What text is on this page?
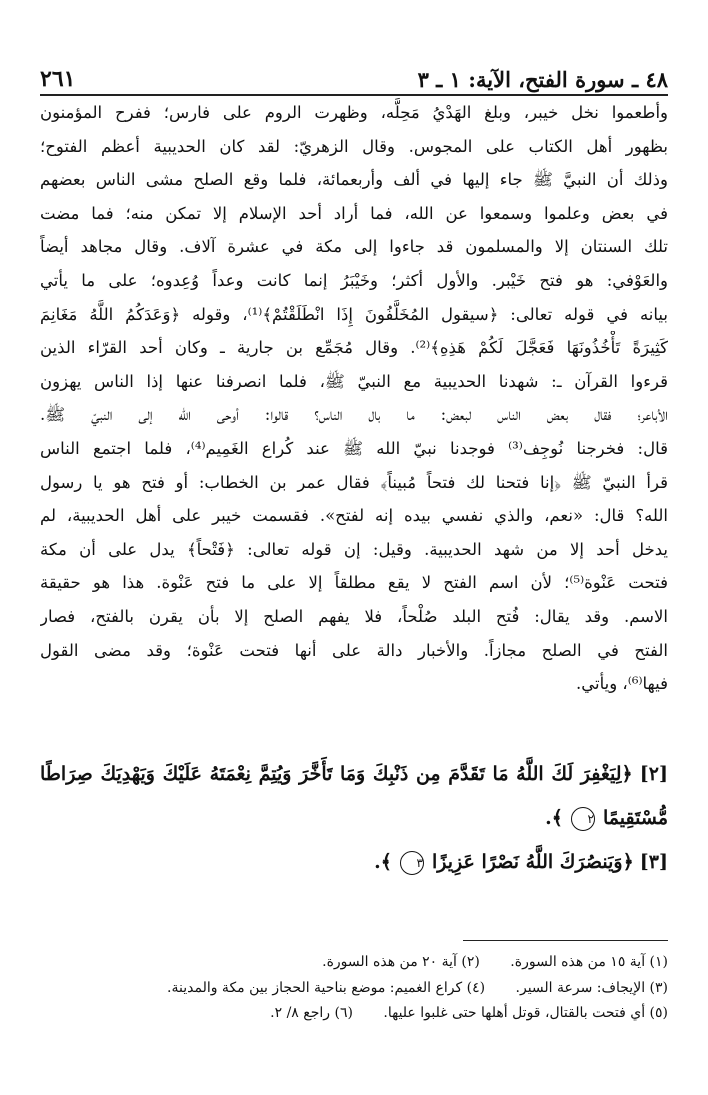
٤٨ ـ سورة الفتح، الآية: ١ ـ ٣
٢٦١
وأطعموا نخل خيبر، وبلغ الهَدْيُ مَحِلَّه، وظهرت الروم على فارس؛ ففرح المؤمنون
بظهور أهل الكتاب على المجوس. وقال الزهريّ: لقد كان الحديبية أعظم الفتوح؛
وذلك أن النبيَّ ﷺ جاء إليها في ألف وأربعمائة، فلما وقع الصلح مشى الناس بعضهم
في بعض وعلموا وسمعوا عن الله، فما أراد أحد الإسلام إلا تمكن منه؛ فما مضت
تلك السنتان إلا والمسلمون قد جاءوا إلى مكة في عشرة آلاف. وقال مجاهد أيضاً
والعَوْفي: هو فتح خَيْبر. والأول أكثر؛ وخَيْبَرُ إنما كانت وعداً وُعِدوه؛ على ما يأتي
بيانه في قوله تعالى: ﴿سيقول المُخَلَّفُونَ إِذَا انْطَلَقْتُمْ﴾⁽¹⁾، وقوله ﴿وَعَدَكُمُ اللَّهُ مَغَانِمَ
كَثِيرَةً تَأْخُذُونَهَا فَعَجَّلَ لَكُمْ هَذِهِ﴾⁽²⁾. وقال مُجَمِّع بن جارية ـ وكان أحد القرّاء الذين
قرءوا القرآن ـ: شهدنا الحديبية مع النبيّ ﷺ، فلما انصرفنا عنها إذا الناس يهزون
الأباعر؛ فقال بعض الناس لبعض: ما بال الناس؟ قالوا: أوحى الله إلى النبيّ ﷺ.
قال: فخرجنا نُوجِف⁽³⁾ فوجدنا نبيّ الله ﷺ عند كُراع الغَمِيم⁽⁴⁾، فلما اجتمع الناس
قرأ النبيّ ﷺ ﴿إنا فتحنا لك فتحاً مُبيناً﴾ فقال عمر بن الخطاب: أو فتح هو يا رسول
الله؟ قال: «نعم، والذي نفسي بيده إنه لفتح». فقسمت خيبر على أهل الحديبية، لم
يدخل أحد إلا من شهد الحديبية. وقيل: إن قوله تعالى: ﴿فَتْحاً﴾ يدل على أن مكة
فتحت عَنْوة⁽⁵⁾؛ لأن اسم الفتح لا يقع مطلقاً إلا على ما فتح عَنْوة. هذا هو حقيقة
الاسم. وقد يقال: فُتح البلد صُلْحاً، فلا يفهم الصلح إلا بأن يقرن بالفتح، فصار
الفتح في الصلح مجازاً. والأخبار دالة على أنها فتحت عَنْوة؛ وقد مضى القول
فيها⁽⁶⁾، ويأتي.
[٢] ﴿لِيَغْفِرَ لَكَ اللَّهُ مَا تَقَدَّمَ مِن ذَنْبِكَ وَمَا تَأَخَّرَ وَيُتِمَّ نِعْمَتَهُ عَلَيْكَ وَيَهْدِيَكَ صِرَاطًا
مُّسْتَقِيمًا ٢ ﴾.
[٣] ﴿وَيَنصُرَكَ اللَّهُ نَصْرًا عَزِيزًا ٣ ﴾.
(١) آية ١٥ من هذه السورة. (٢) آية ٢٠ من هذه السورة.
(٣) الإيجاف: سرعة السير. (٤) كراع الغميم: موضع بناحية الحجاز بين مكة والمدينة.
(٥) أي فتحت بالقتال، قوتل أهلها حتى غلبوا عليها. (٦) راجع ٨/ ٢.
